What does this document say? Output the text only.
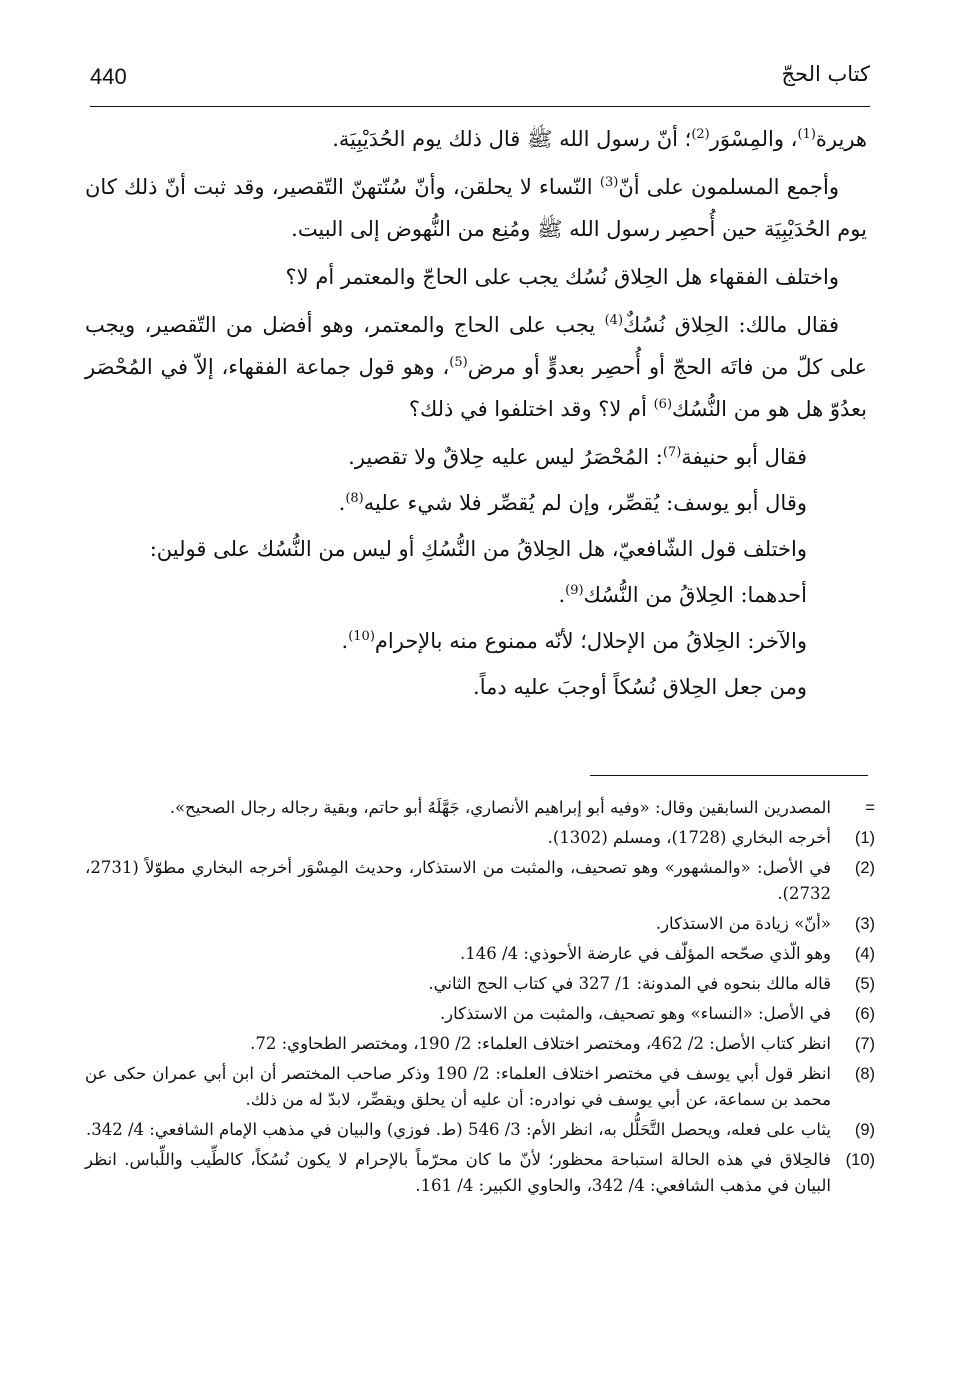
440	كتاب الحجّ

هريرة$^{(1)}$، والمِسْوَر$^{(2)}$؛ أنّ رسول الله ﷺ قال ذلك يوم الحُدَيْبِيَة.

وأجمع المسلمون على أنّ$^{(3)}$ النّساء لا يحلقن، وأنّ سُنّتهنّ التّقصير، وقد ثبت أنّ ذلك كان يوم الحُدَيْبِيَة حين أُحصِر رسول الله ﷺ ومُنِع من النُّهوض إلى البيت.

واختلف الفقهاء هل الحِلاق نُسُك يجب على الحاجّ والمعتمر أم لا؟

فقال مالك: الحِلاق نُسُكٌ$^{(4)}$ يجب على الحاج والمعتمر، وهو أفضل من التّقصير، ويجب على كلّ من فاتَه الحجّ أو أُحصِر بعدوٍّ أو مرض$^{(5)}$، وهو قول جماعة الفقهاء، إلاّ في المُحْصَر بعدُوّ هل هو من النُّسُك$^{(6)}$ أم لا؟ وقد اختلفوا في ذلك؟

فقال أبو حنيفة$^{(7)}$: المُحْصَرُ ليس عليه حِلاقٌ ولا تقصير.

وقال أبو يوسف: يُقصِّر، وإن لم يُقصِّر فلا شيء عليه$^{(8)}$.

واختلف قول الشّافعيّ، هل الحِلاقُ من النُّسُكِ أو ليس من النُّسُك على قولين:

أحدهما: الحِلاقُ من النُّسُك$^{(9)}$.

والآخر: الحِلاقُ من الإحلال؛ لأنّه ممنوع منه بالإحرام$^{(10)}$.

ومن جعل الحِلاق نُسُكاً أوجبَ عليه دماً.

=
المصدرين السابقين وقال: «وفيه أبو إبراهيم الأنصاري، جَهَّلَهُ أبو حاتم، وبقية رجاله رجال الصحيح».
(1)
أخرجه البخاري (1728)، ومسلم (1302).
(2)
في الأصل: «والمشهور» وهو تصحيف، والمثبت من الاستذكار، وحديث المِسْوَر أخرجه البخاري مطوّلاً (2731، 2732).
(3)
«أنّ» زيادة من الاستذكار.
(4)
وهو الّذي صحّحه المؤلّف في عارضة الأحوذي: 4/ 146.
(5)
قاله مالك بنحوه في المدونة: 1/ 327 في كتاب الحج الثاني.
(6)
في الأصل: «النساء» وهو تصحيف، والمثبت من الاستذكار.
(7)
انظر كتاب الأصل: 2/ 462، ومختصر اختلاف العلماء: 2/ 190، ومختصر الطحاوي: 72.
(8)
انظر قول أبي يوسف في مختصر اختلاف العلماء: 2/ 190 وذكر صاحب المختصر أن ابن أبي عمران حكى عن محمد بن سماعة، عن أبي يوسف في نوادره: أن عليه أن يحلق ويقصِّر، لابدّ له من ذلك.
(9)
يثاب على فعله، ويحصل التَّحَلُّل به، انظر الأم: 3/ 546 (ط. فوزي) والبيان في مذهب الإمام الشافعي: 4/ 342.
(10)
فالحِلاق في هذه الحالة استباحة محظور؛ لأنّ ما كان محرّماً بالإحرام لا يكون نُسُكاً، كالطِّيب واللِّباس. انظر البيان في مذهب الشافعي: 4/ 342، والحاوي الكبير: 4/ 161.
